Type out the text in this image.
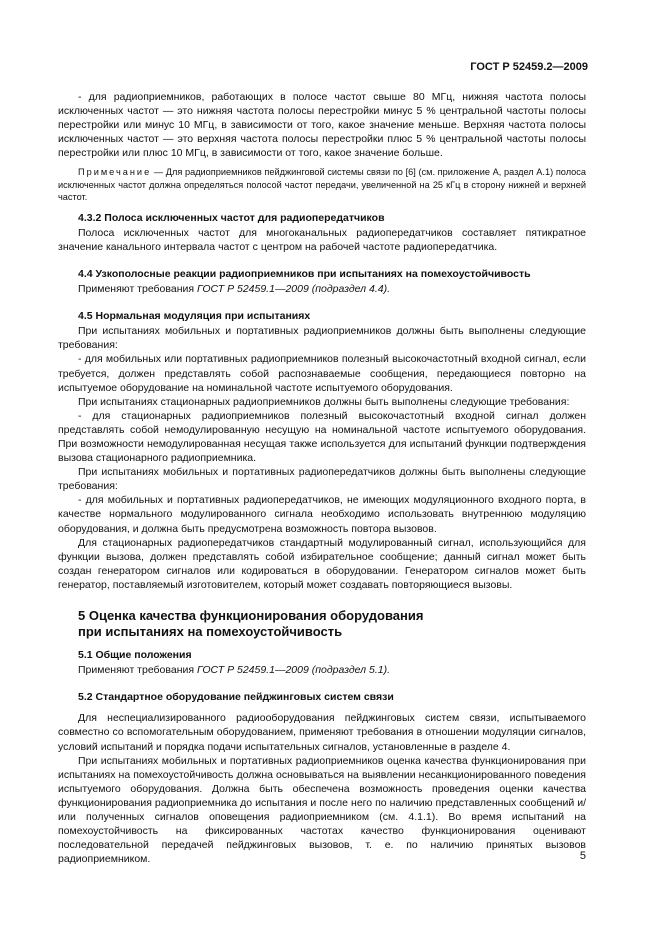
ГОСТ Р 52459.2—2009

- для радиоприемников, работающих в полосе частот свыше 80 МГц, нижняя частота полосы исключенных частот — это нижняя частота полосы перестройки минус 5 % центральной частоты полосы перестройки или минус 10 МГц, в зависимости от того, какое значение меньше. Верхняя частота полосы исключенных частот — это верхняя частота полосы перестройки плюс 5 % центральной частоты полосы перестройки или плюс 10 МГц, в зависимости от того, какое значение больше.

Примечание — Для радиоприемников пейджинговой системы связи по [6] (см. приложение А, раздел А.1) полоса исключенных частот должна определяться полосой частот передачи, увеличенной на 25 кГц в сторону нижней и верхней частот.

4.3.2 Полоса исключенных частот для радиопередатчиков

Полоса исключенных частот для многоканальных радиопередатчиков составляет пятикратное значение канального интервала частот с центром на рабочей частоте радиопередатчика.

4.4 Узкополосные реакции радиоприемников при испытаниях на помехоустойчивость

Применяют требования ГОСТ Р 52459.1—2009 (подраздел 4.4).

4.5 Нормальная модуляция при испытаниях

При испытаниях мобильных и портативных радиоприемников должны быть выполнены следующие требования:

- для мобильных или портативных радиоприемников полезный высокочастотный входной сигнал, если требуется, должен представлять собой распознаваемые сообщения, передающиеся повторно на испытуемое оборудование на номинальной частоте испытуемого оборудования.

При испытаниях стационарных радиоприемников должны быть выполнены следующие требования:

- для стационарных радиоприемников полезный высокочастотный входной сигнал должен представлять собой немодулированную несущую на номинальной частоте испытуемого оборудования. При возможности немодулированная несущая также используется для испытаний функции подтверждения вызова стационарного радиоприемника.

При испытаниях мобильных и портативных радиопередатчиков должны быть выполнены следующие требования:

- для мобильных и портативных радиопередатчиков, не имеющих модуляционного входного порта, в качестве нормального модулированного сигнала необходимо использовать внутреннюю модуляцию оборудования, и должна быть предусмотрена возможность повтора вызовов.

Для стационарных радиопередатчиков стандартный модулированный сигнал, использующийся для функции вызова, должен представлять собой избирательное сообщение; данный сигнал может быть создан генератором сигналов или кодироваться в оборудовании. Генератором сигналов может быть генератор, поставляемый изготовителем, который может создавать повторяющиеся вызовы.

5 Оценка качества функционирования оборудования
при испытаниях на помехоустойчивость
5.1 Общие положения

Применяют требования ГОСТ Р 52459.1—2009 (подраздел 5.1).

5.2 Стандартное оборудование пейджинговых систем связи

Для неспециализированного радиооборудования пейджинговых систем связи, испытываемого совместно со вспомогательным оборудованием, применяют требования в отношении модуляции сигналов, условий испытаний и порядка подачи испытательных сигналов, установленные в разделе 4.

При испытаниях мобильных и портативных радиоприемников оценка качества функционирования при испытаниях на помехоустойчивость должна основываться на выявлении несанкционированного поведения испытуемого оборудования. Должна быть обеспечена возможность проведения оценки качества функционирования радиоприемника до испытания и после него по наличию представленных сообщений и/или полученных сигналов оповещения радиоприемником (см. 4.1.1). Во время испытаний на помехоустойчивость на фиксированных частотах качество функционирования оценивают последовательной передачей пейджинговых вызовов, т. е. по наличию принятых вызовов радиоприемником.	5
